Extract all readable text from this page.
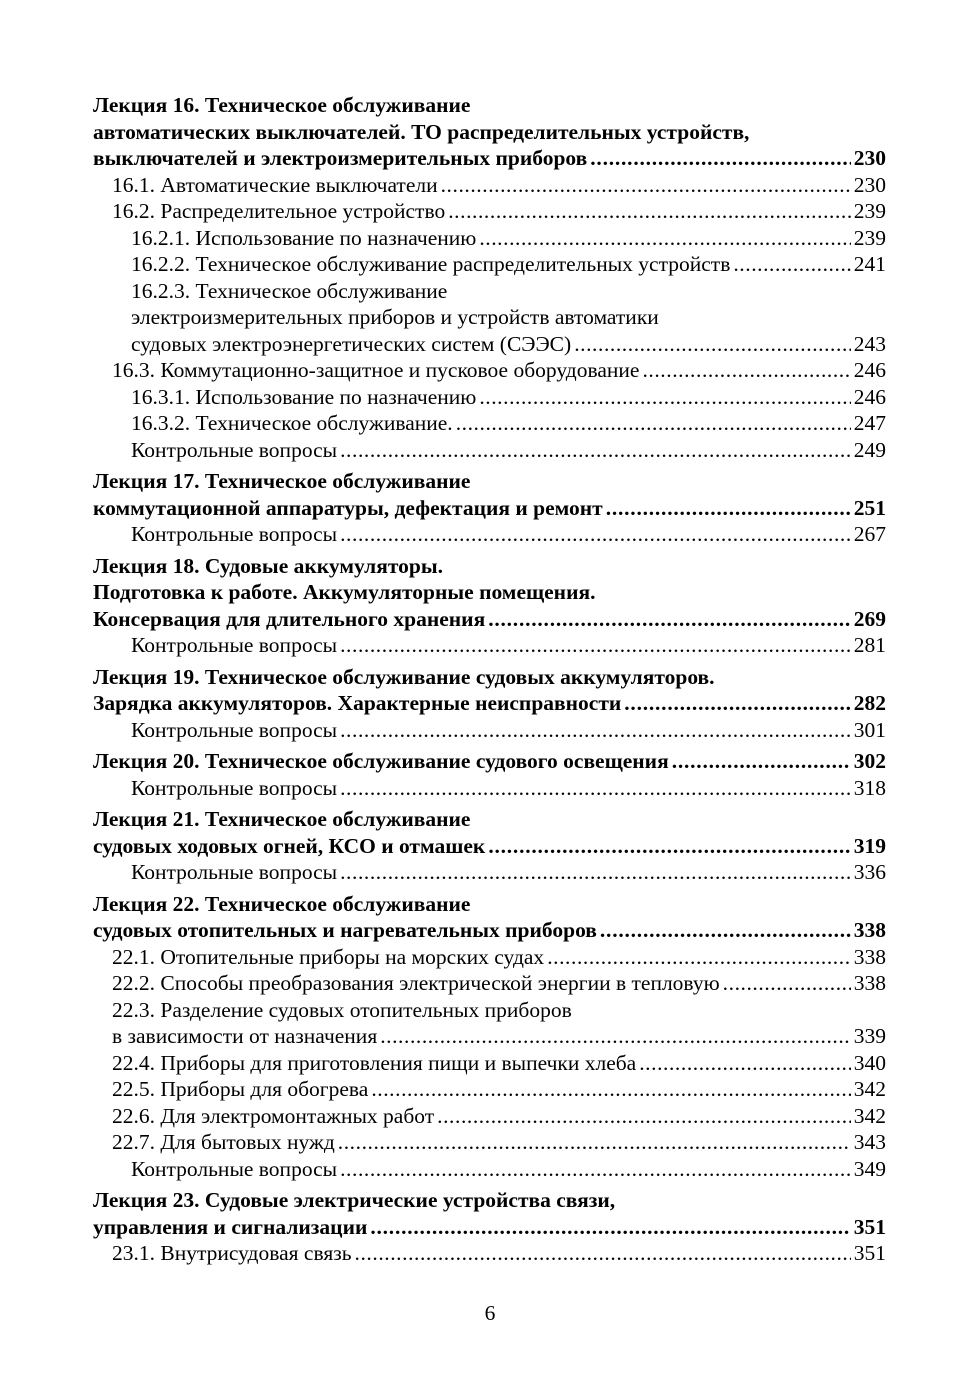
Лекция 16. Техническое обслуживание
автоматических выключателей. ТО распределительных устройств,
выключателей и электроизмерительных приборов . . .	230
16.1. Автоматические выключатели . . .	230
16.2. Распределительное устройство . . .	239
16.2.1. Использование по назначению . . .	239
16.2.2. Техническое обслуживание распределительных устройств . . .	241
16.2.3. Техническое обслуживание
электроизмерительных приборов и устройств автоматики
судовых электроэнергетических систем (СЭЭС) . . .	243
16.3. Коммутационно-защитное и пусковое оборудование . . .	246
16.3.1. Использование по назначению . . .	246
16.3.2. Техническое обслуживание. . . .	247
Контрольные вопросы . . .	249
Лекция 17. Техническое обслуживание
коммутационной аппаратуры, дефектация и ремонт . . .	251
Контрольные вопросы . . .	267
Лекция 18. Судовые аккумуляторы.
Подготовка к работе. Аккумуляторные помещения.
Консервация для длительного хранения . . .	269
Контрольные вопросы . . .	281
Лекция 19. Техническое обслуживание судовых аккумуляторов.
Зарядка аккумуляторов. Характерные неисправности . . .	282
Контрольные вопросы . . .	301
Лекция 20. Техническое обслуживание судового освещения . . .	302
Контрольные вопросы . . .	318
Лекция 21. Техническое обслуживание
судовых ходовых огней, КСО и отмашек . . .	319
Контрольные вопросы . . .	336
Лекция 22. Техническое обслуживание
судовых отопительных и нагревательных приборов . . .	338
22.1. Отопительные приборы на морских судах . . .	338
22.2. Способы преобразования электрической энергии в тепловую . . .	338
22.3. Разделение судовых отопительных приборов
в зависимости от назначения . . .	339
22.4. Приборы для приготовления пищи и выпечки хлеба . . .	340
22.5. Приборы для обогрева . . .	342
22.6. Для электромонтажных работ . . .	342
22.7. Для бытовых нужд . . .	343
Контрольные вопросы . . .	349
Лекция 23. Судовые электрические устройства связи,
управления и сигнализации . . .	351
23.1. Внутрисудовая связь . . .	351
6
